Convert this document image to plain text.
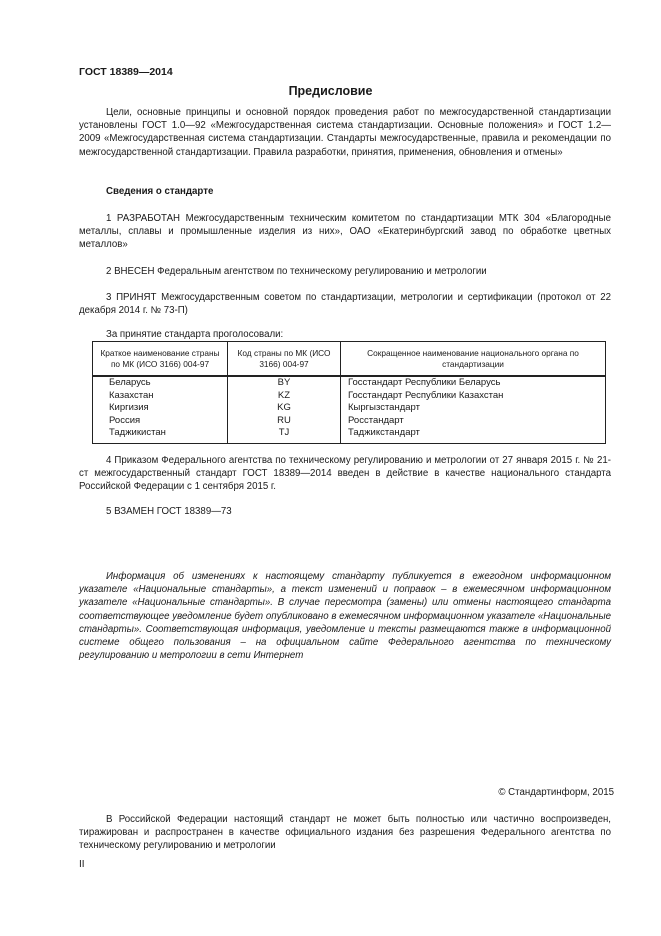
ГОСТ 18389—2014
Предисловие
Цели, основные принципы и основной порядок проведения работ по межгосударственной стандартизации установлены ГОСТ 1.0—92 «Межгосударственная система стандартизации. Основные положения» и ГОСТ 1.2—2009 «Межгосударственная система стандартизации. Стандарты межгосударственные, правила и рекомендации по межгосударственной стандартизации. Правила разработки, принятия, применения, обновления и отмены»
Сведения о стандарте
1 РАЗРАБОТАН Межгосударственным техническим комитетом по стандартизации МТК 304 «Благородные металлы, сплавы и промышленные изделия из них», ОАО «Екатеринбургский завод по обработке цветных металлов»
2 ВНЕСЕН Федеральным агентством по техническому регулированию и метрологии
3 ПРИНЯТ Межгосударственным советом по стандартизации, метрологии и сертификации (протокол от 22 декабря 2014 г. № 73-П)
За принятие стандарта проголосовали:
Краткое наименование страны по МК (ИСО 3166) 004-97	Код страны по МК (ИСО 3166) 004-97	Сокращенное наименование национального органа по стандартизации
Беларусь	BY	Госстандарт Республики Беларусь
Казахстан	KZ	Госстандарт Республики Казахстан
Киргизия	KG	Кыргызстандарт
Россия	RU	Росстандарт
Таджикистан	TJ	Таджикстандарт
4 Приказом Федерального агентства по техническому регулированию и метрологии от 27 января 2015 г. № 21-ст межгосударственный стандарт ГОСТ 18389—2014 введен в действие в качестве национального стандарта Российской Федерации с 1 сентября 2015 г.
5 ВЗАМЕН ГОСТ 18389—73
Информация об изменениях к настоящему стандарту публикуется в ежегодном информационном указателе «Национальные стандарты», а текст изменений и поправок – в ежемесячном информационном указателе «Национальные стандарты». В случае пересмотра (замены) или отмены настоящего стандарта соответствующее уведомление будет опубликовано в ежемесячном информационном указателе «Национальные стандарты». Соответствующая информация, уведомление и тексты размещаются также в информационной системе общего пользования – на официальном сайте Федерального агентства по техническому регулированию и метрологии в сети Интернет
© Стандартинформ, 2015
В Российской Федерации настоящий стандарт не может быть полностью или частично воспроизведен, тиражирован и распространен в качестве официального издания без разрешения Федерального агентства по техническому регулированию и метрологии
II
